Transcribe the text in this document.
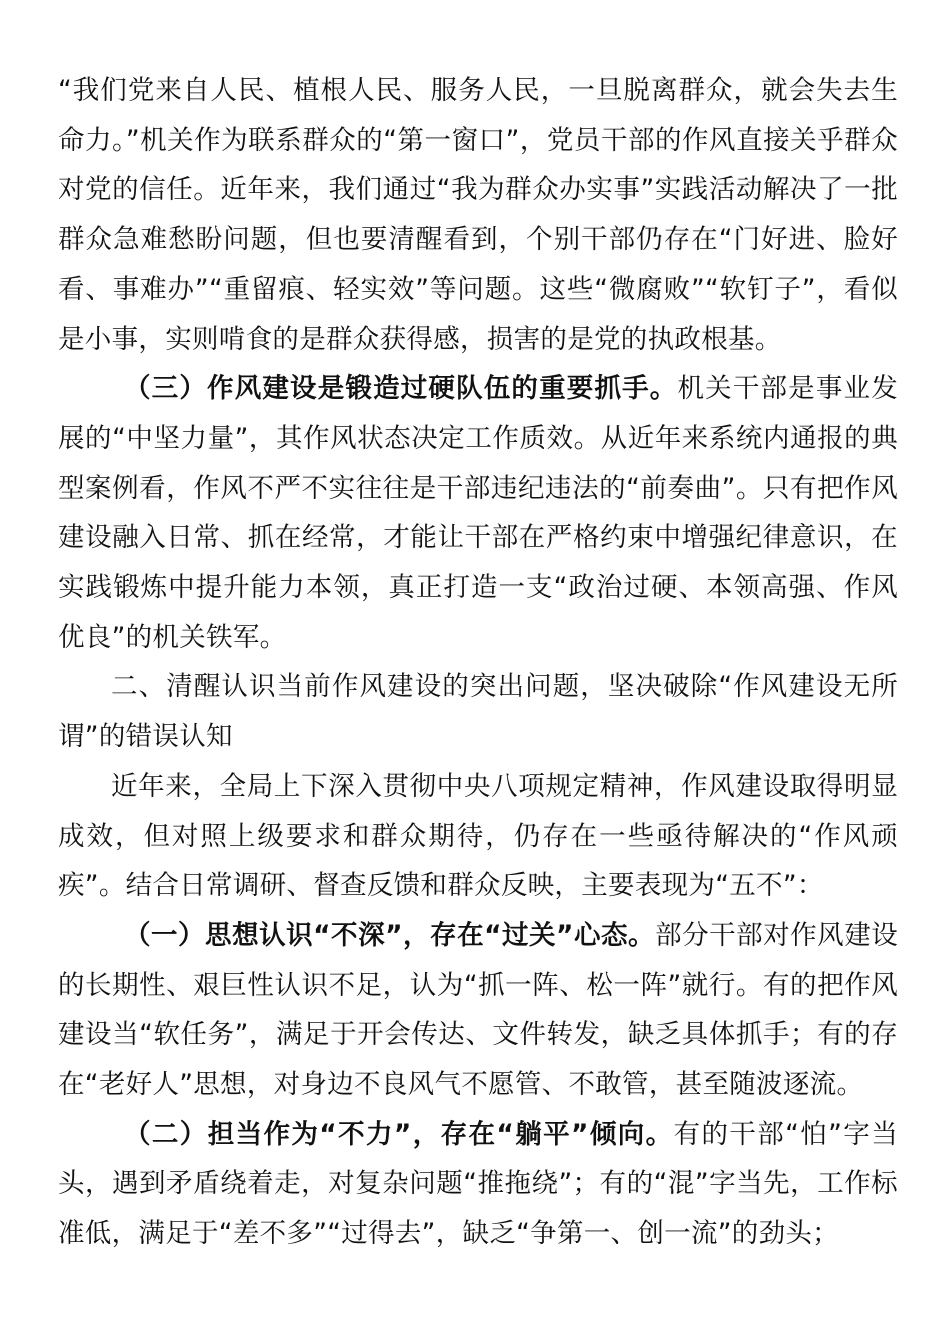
“我们党来自人民、植根人民、服务人民，一旦脱离群众，就会失去生命力。”机关作为联系群众的“第一窗口”，党员干部的作风直接关乎群众对党的信任。近年来，我们通过“我为群众办实事”实践活动解决了一批群众急难愁盼问题，但也要清醒看到，个别干部仍存在“门好进、脸好看、事难办”“重留痕、轻实效”等问题。这些“微腐败”“软钉子”，看似是小事，实则啃食的是群众获得感，损害的是党的执政根基。

（三）作风建设是锻造过硬队伍的重要抓手。机关干部是事业发展的“中坚力量”，其作风状态决定工作质效。从近年来系统内通报的典型案例看，作风不严不实往往是干部违纪违法的“前奏曲”。只有把作风建设融入日常、抓在经常，才能让干部在严格约束中增强纪律意识，在实践锻炼中提升能力本领，真正打造一支“政治过硬、本领高强、作风优良”的机关铁军。

二、清醒认识当前作风建设的突出问题，坚决破除“作风建设无所谓”的错误认知

近年来，全局上下深入贯彻中央八项规定精神，作风建设取得明显成效，但对照上级要求和群众期待，仍存在一些亟待解决的“作风顽疾”。结合日常调研、督查反馈和群众反映，主要表现为“五不”：

（一）思想认识“不深”，存在“过关”心态。部分干部对作风建设的长期性、艰巨性认识不足，认为“抓一阵、松一阵”就行。有的把作风建设当“软任务”，满足于开会传达、文件转发，缺乏具体抓手；有的存在“老好人”思想，对身边不良风气不愿管、不敢管，甚至随波逐流。

（二）担当作为“不力”，存在“躺平”倾向。有的干部“怕”字当头，遇到矛盾绕着走，对复杂问题“推拖绕”；有的“混”字当先，工作标准低，满足于“差不多”“过得去”，缺乏“争第一、创一流”的劲头；
